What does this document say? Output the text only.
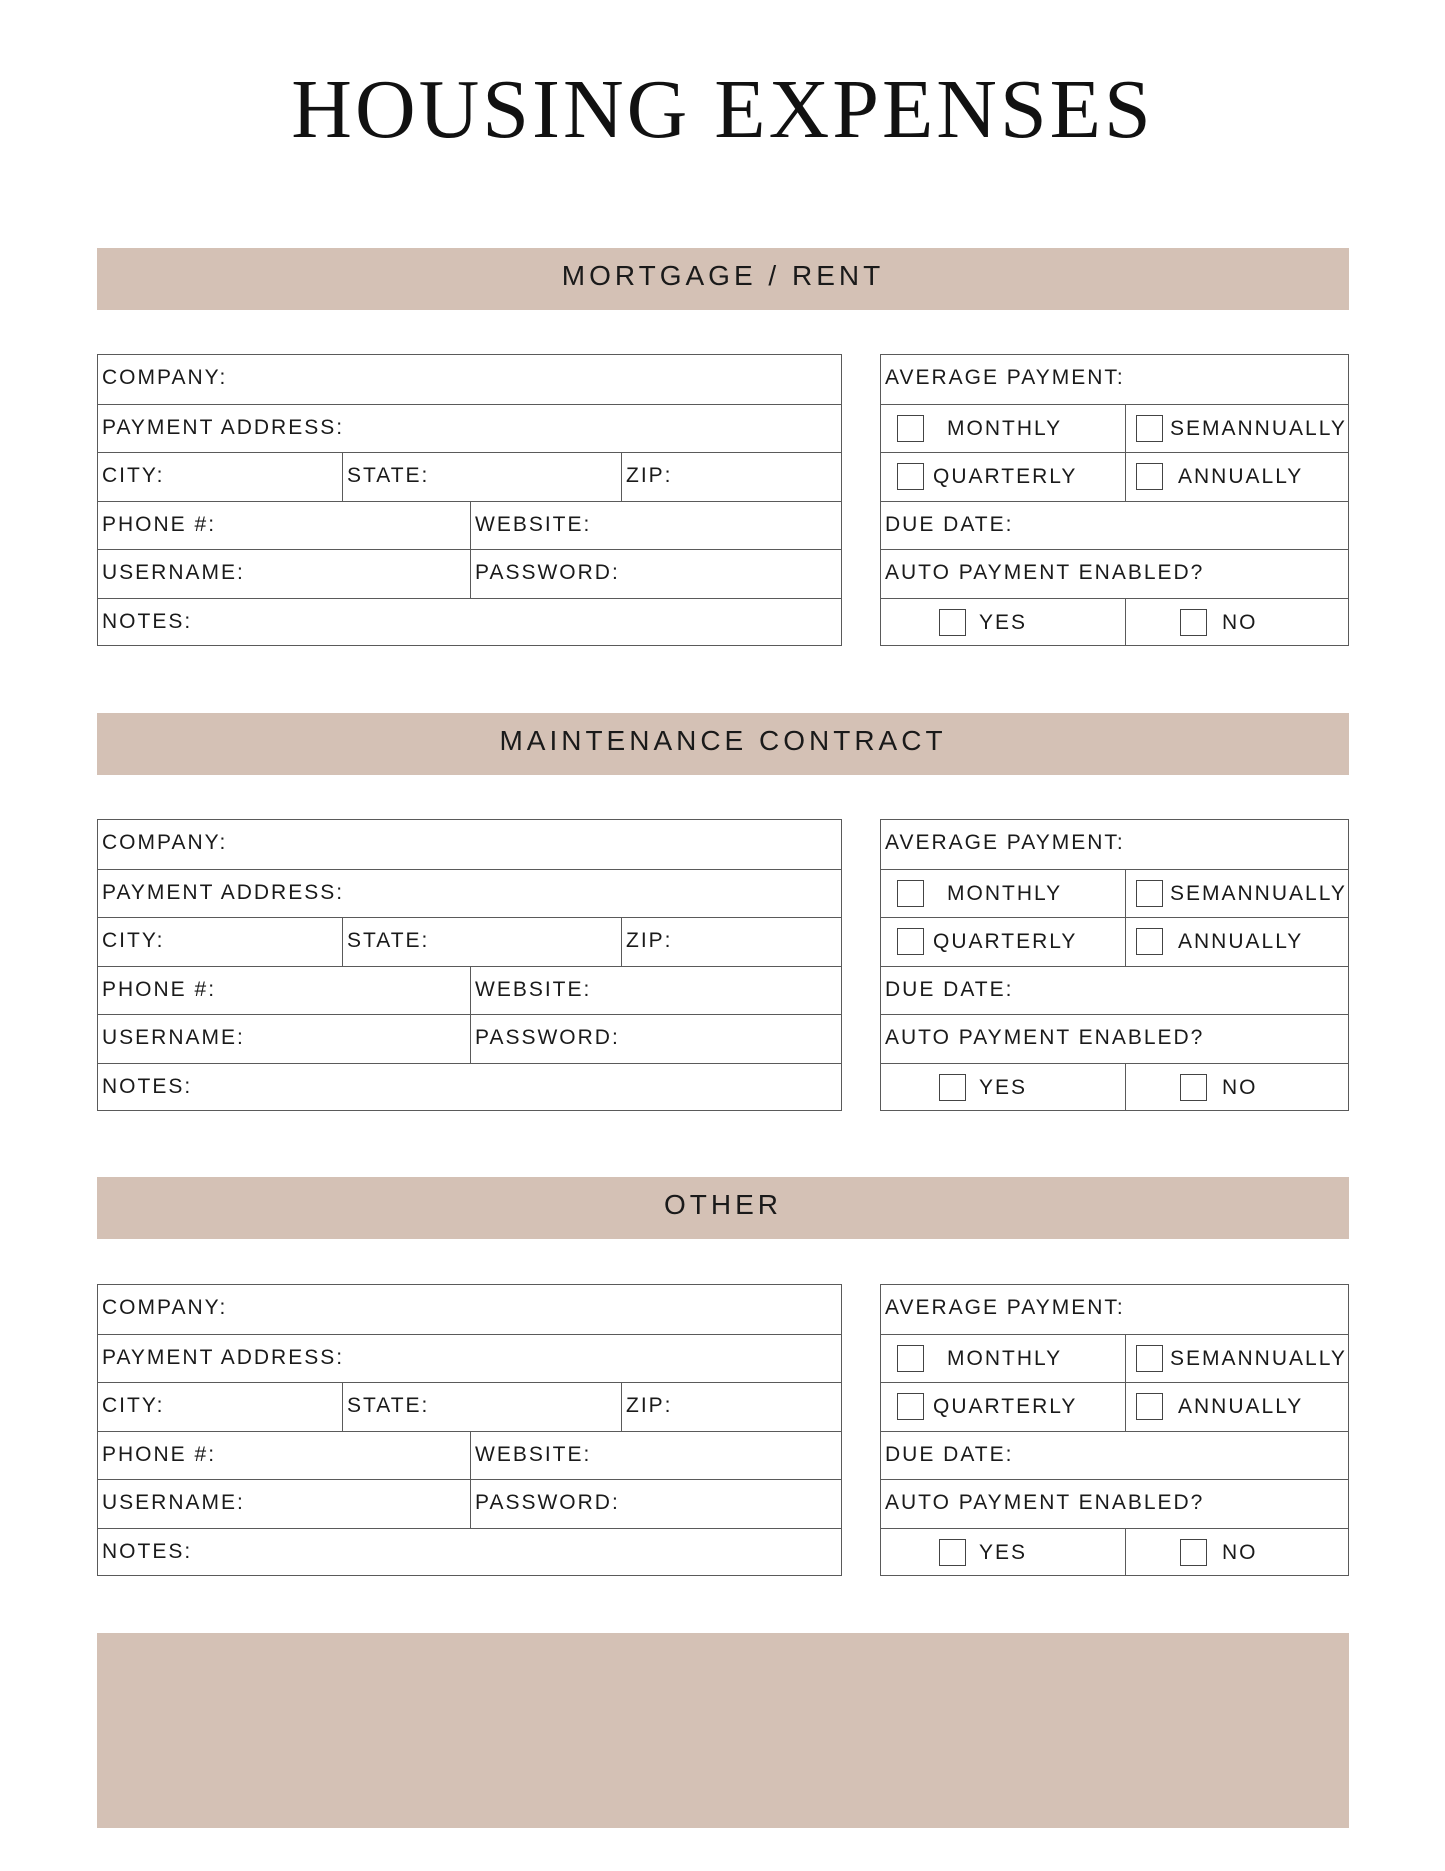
HOUSING EXPENSES
MORTGAGE / RENT
COMPANY:
PAYMENT ADDRESS:
CITY:	STATE:	ZIP:
PHONE #:	WEBSITE:
USERNAME:	PASSWORD:
NOTES:
AVERAGE PAYMENT:
MONTHLY	SEMANNUALLY
QUARTERLY	ANNUALLY
DUE DATE:
AUTO PAYMENT ENABLED?
YES	NO
MAINTENANCE CONTRACT
COMPANY:
PAYMENT ADDRESS:
CITY:	STATE:	ZIP:
PHONE #:	WEBSITE:
USERNAME:	PASSWORD:
NOTES:
AVERAGE PAYMENT:
MONTHLY	SEMANNUALLY
QUARTERLY	ANNUALLY
DUE DATE:
AUTO PAYMENT ENABLED?
YES	NO
OTHER
COMPANY:
PAYMENT ADDRESS:
CITY:	STATE:	ZIP:
PHONE #:	WEBSITE:
USERNAME:	PASSWORD:
NOTES:
AVERAGE PAYMENT:
MONTHLY	SEMANNUALLY
QUARTERLY	ANNUALLY
DUE DATE:
AUTO PAYMENT ENABLED?
YES	NO
